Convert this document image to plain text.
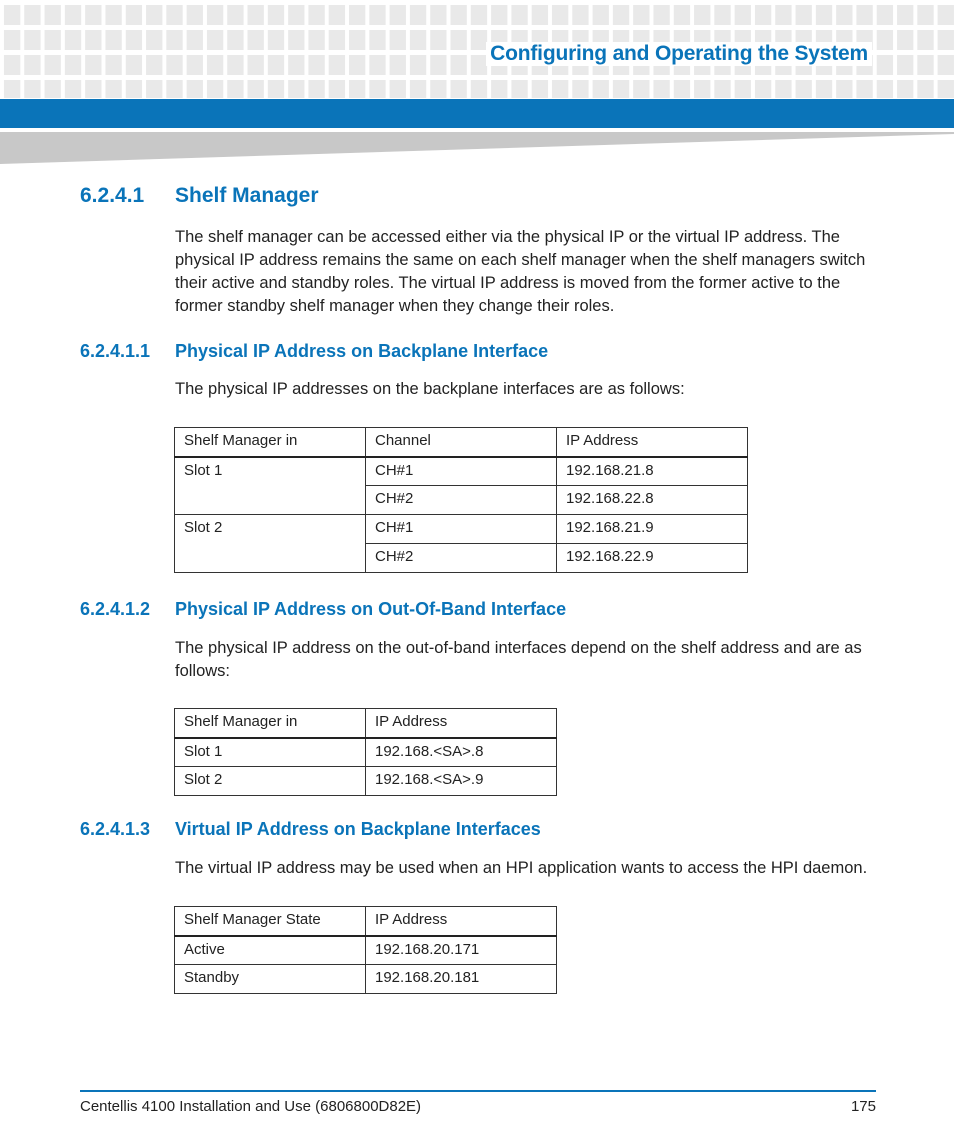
Configuring and Operating the System
6.2.4.1 Shelf Manager
The shelf manager can be accessed either via the physical IP or the virtual IP address. The physical IP address remains the same on each shelf manager when the shelf managers switch their active and standby roles. The virtual IP address is moved from the former active to the former standby shelf manager when they change their roles.
6.2.4.1.1 Physical IP Address on Backplane Interface
The physical IP addresses on the backplane interfaces are as follows:
Shelf Manager in	Channel	IP Address
Slot 1	CH#1	192.168.21.8
	CH#2	192.168.22.8
Slot 2	CH#1	192.168.21.9
	CH#2	192.168.22.9
6.2.4.1.2 Physical IP Address on Out-Of-Band Interface
The physical IP address on the out-of-band interfaces depend on the shelf address and are as follows:
Shelf Manager in	IP Address
Slot 1	192.168.<SA>.8
Slot 2	192.168.<SA>.9
6.2.4.1.3 Virtual IP Address on Backplane Interfaces
The virtual IP address may be used when an HPI application wants to access the HPI daemon.
Shelf Manager State	IP Address
Active	192.168.20.171
Standby	192.168.20.181
Centellis 4100 Installation and Use (6806800D82E)	175
